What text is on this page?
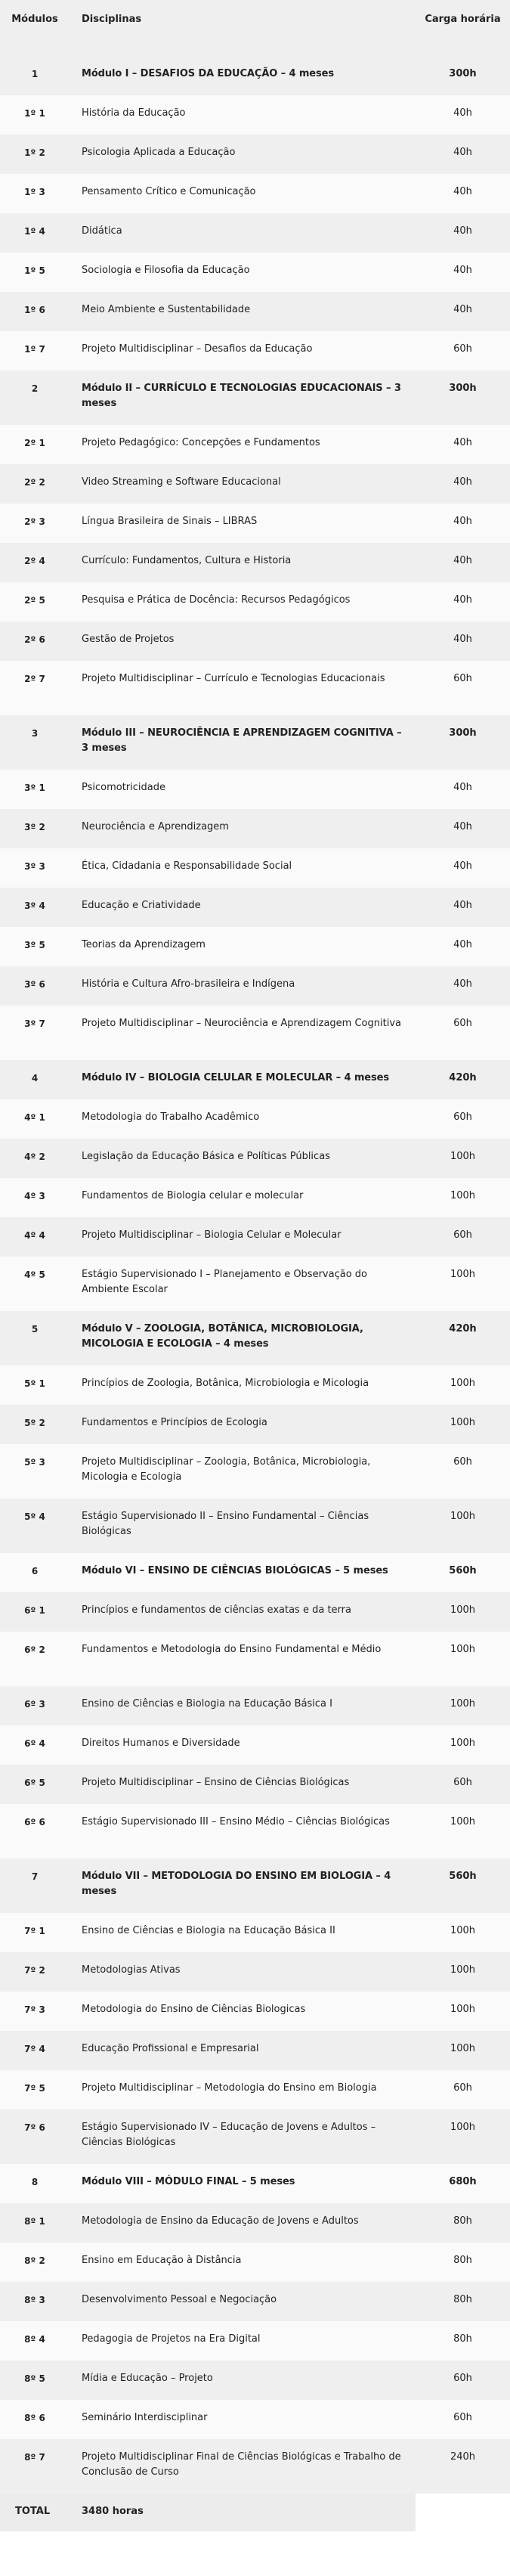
Módulos	Disciplinas	Carga horária
1	Módulo I – DESAFIOS DA EDUCAÇÃO – 4 meses	300h
1º 1	História da Educação	40h
1º 2	Psicologia Aplicada a Educação	40h
1º 3	Pensamento Crítico e Comunicação	40h
1º 4	Didática	40h
1º 5	Sociologia e Filosofia da Educação	40h
1º 6	Meio Ambiente e Sustentabilidade	40h
1º 7	Projeto Multidisciplinar – Desafios da Educação	60h
2	Módulo II – CURRÍCULO E TECNOLOGIAS EDUCACIONAIS – 3 meses	300h
2º 1	Projeto Pedagógico: Concepções e Fundamentos	40h
2º 2	Video Streaming e Software Educacional	40h
2º 3	Língua Brasileira de Sinais – LIBRAS	40h
2º 4	Currículo: Fundamentos, Cultura e Historia	40h
2º 5	Pesquisa e Prática de Docência: Recursos Pedagógicos	40h
2º 6	Gestão de Projetos	40h
2º 7	Projeto Multidisciplinar – Currículo e Tecnologias Educacionais	60h
3	Módulo III – NEUROCIÊNCIA E APRENDIZAGEM COGNITIVA – 3 meses	300h
3º 1	Psicomotricidade	40h
3º 2	Neurociência e Aprendizagem	40h
3º 3	Ética, Cidadania e Responsabilidade Social	40h
3º 4	Educação e Criatividade	40h
3º 5	Teorias da Aprendizagem	40h
3º 6	História e Cultura Afro-brasileira e Indígena	40h
3º 7	Projeto Multidisciplinar – Neurociência e Aprendizagem Cognitiva	60h
4	Módulo IV – BIOLOGIA CELULAR E MOLECULAR – 4 meses	420h
4º 1	Metodologia do Trabalho Acadêmico	60h
4º 2	Legislação da Educação Básica e Políticas Públicas	100h
4º 3	Fundamentos de Biologia celular e molecular	100h
4º 4	Projeto Multidisciplinar – Biologia Celular e Molecular	60h
4º 5	Estágio Supervisionado I – Planejamento e Observação do Ambiente Escolar	100h
5	Módulo V – ZOOLOGIA, BOTÂNICA, MICROBIOLOGIA, MICOLOGIA E ECOLOGIA – 4 meses	420h
5º 1	Princípios de Zoologia, Botânica, Microbiologia e Micologia	100h
5º 2	Fundamentos e Princípios de Ecologia	100h
5º 3	Projeto Multidisciplinar – Zoologia, Botânica, Microbiologia, Micologia e Ecologia	60h
5º 4	Estágio Supervisionado II – Ensino Fundamental – Ciências Biológicas	100h
6	Módulo VI – ENSINO DE CIÊNCIAS BIOLÓGICAS – 5 meses	560h
6º 1	Princípios e fundamentos de ciências exatas e da terra	100h
6º 2	Fundamentos e Metodologia do Ensino Fundamental e Médio	100h
6º 3	Ensino de Ciências e Biologia na Educação Básica I	100h
6º 4	Direitos Humanos e Diversidade	100h
6º 5	Projeto Multidisciplinar – Ensino de Ciências Biológicas	60h
6º 6	Estágio Supervisionado III – Ensino Médio – Ciências Biológicas	100h
7	Módulo VII – METODOLOGIA DO ENSINO EM BIOLOGIA – 4 meses	560h
7º 1	Ensino de Ciências e Biologia na Educação Básica II	100h
7º 2	Metodologias Ativas	100h
7º 3	Metodologia do Ensino de Ciências Biologicas	100h
7º 4	Educação Profissional e Empresarial	100h
7º 5	Projeto Multidisciplinar – Metodologia do Ensino em Biologia	60h
7º 6	Estágio Supervisionado IV – Educação de Jovens e Adultos – Ciências Biológicas	100h
8	Módulo VIII – MÓDULO FINAL – 5 meses	680h
8º 1	Metodologia de Ensino da Educação de Jovens e Adultos	80h
8º 2	Ensino em Educação à Distância	80h
8º 3	Desenvolvimento Pessoal e Negociação	80h
8º 4	Pedagogia de Projetos na Era Digital	80h
8º 5	Mídia e Educação – Projeto	60h
8º 6	Seminário Interdisciplinar	60h
8º 7	Projeto Multidisciplinar Final de Ciências Biológicas e Trabalho de Conclusão de Curso	240h
TOTAL	3480 horas	
